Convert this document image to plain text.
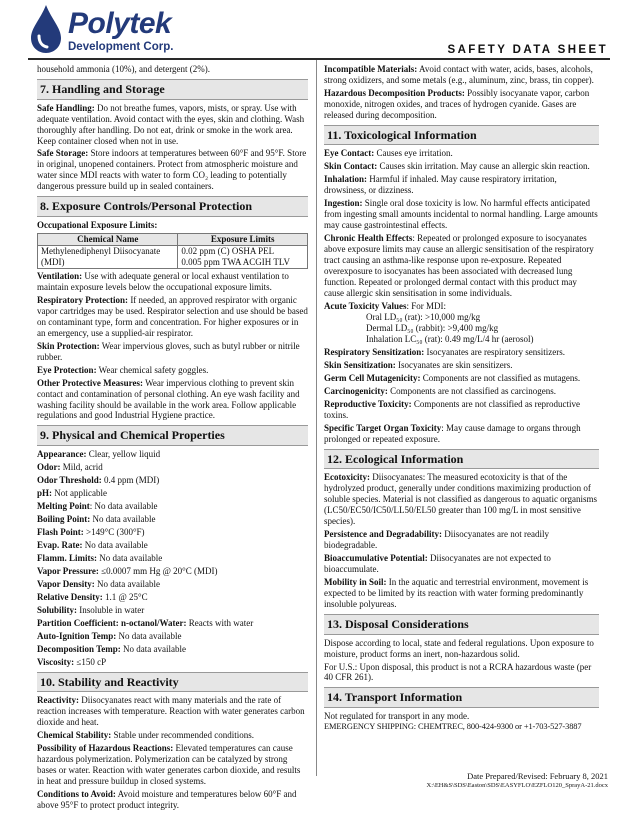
Polytek
Development Corp.	SAFETY DATA SHEET

household ammonia (10%), and detergent (2%).

7. Handling and Storage

Safe Handling: Do not breathe fumes, vapors, mists, or spray. Use with adequate ventilation. Avoid contact with the eyes, skin and clothing. Wash thoroughly after handling. Do not eat, drink or smoke in the work area. Keep container closed when not in use.

Safe Storage: Store indoors at temperatures between 60°F and 95°F. Store in original, unopened containers. Protect from atmospheric moisture and water since MDI reacts with water to form CO₂ leading to potentially dangerous pressure build up in sealed containers.

8. Exposure Controls/Personal Protection

Occupational Exposure Limits:

Chemical Name	Exposure Limits
Methylenediphenyl Diisocyanate
(MDI)	0.02 ppm (C) OSHA PEL
0.005 ppm TWA ACGIH TLV

Ventilation: Use with adequate general or local exhaust ventilation to maintain exposure levels below the occupational exposure limits.

Respiratory Protection: If needed, an approved respirator with organic vapor cartridges may be used. Respirator selection and use should be based on contaminant type, form and concentration. For higher exposures or in an emergency, use a supplied-air respirator.

Skin Protection: Wear impervious gloves, such as butyl rubber or nitrile rubber.

Eye Protection: Wear chemical safety goggles.

Other Protective Measures: Wear impervious clothing to prevent skin contact and contamination of personal clothing. An eye wash facility and washing facility should be available in the work area. Follow applicable regulations and good Industrial Hygiene practice.

9. Physical and Chemical Properties

Appearance: Clear, yellow liquid

Odor: Mild, acrid

Odor Threshold: 0.4 ppm (MDI)

pH: Not applicable

Melting Point: No data available

Boiling Point: No data available

Flash Point: >149°C (300°F)

Evap. Rate: No data available

Flamm. Limits: No data available

Vapor Pressure: ≤0.0007 mm Hg @ 20°C (MDI)

Vapor Density: No data available

Relative Density: 1.1 @ 25°C

Solubility: Insoluble in water

Partition Coefficient: n-octanol/Water: Reacts with water

Auto-Ignition Temp: No data available

Decomposition Temp: No data available

Viscosity: ≤150 cP

10. Stability and Reactivity

Reactivity: Diisocyanates react with many materials and the rate of reaction increases with temperature. Reaction with water generates carbon dioxide and heat.

Chemical Stability: Stable under recommended conditions.

Possibility of Hazardous Reactions: Elevated temperatures can cause hazardous polymerization. Polymerization can be catalyzed by strong bases or water. Reaction with water generates carbon dioxide, and results in heat and pressure buildup in closed systems.

Conditions to Avoid: Avoid moisture and temperatures below 60°F and above 95°F to protect product integrity.

Incompatible Materials: Avoid contact with water, acids, bases, alcohols, strong oxidizers, and some metals (e.g., aluminum, zinc, brass, tin copper).

Hazardous Decomposition Products: Possibly isocyanate vapor, carbon monoxide, nitrogen oxides, and traces of hydrogen cyanide. Gases are released during decomposition.

11. Toxicological Information

Eye Contact: Causes eye irritation.

Skin Contact: Causes skin irritation. May cause an allergic skin reaction.

Inhalation: Harmful if inhaled. May cause respiratory irritation, drowsiness, or dizziness.

Ingestion: Single oral dose toxicity is low. No harmful effects anticipated from ingesting small amounts incidental to normal handling. Large amounts may cause gastrointestinal effects.

Chronic Health Effects: Repeated or prolonged exposure to isocyanates above exposure limits may cause an allergic sensitisation of the respiratory tract causing an asthma-like response upon re-exposure. Repeated overexposure to isocyanates has been associated with decreased lung function. Repeated or prolonged dermal contact with this product may cause allergic skin sensitisation in some individuals.

Acute Toxicity Values: For MDI:

Oral LD₅₀ (rat): >10,000 mg/kg

Dermal LD₅₀ (rabbit): >9,400 mg/kg

Inhalation LC₅₀ (rat): 0.49 mg/L/4 hr (aerosol)

Respiratory Sensitization: Isocyanates are respiratory sensitizers.

Skin Sensitization: Isocyanates are skin sensitizers.

Germ Cell Mutagenicity: Components are not classified as mutagens.

Carcinogenicity: Components are not classified as carcinogens.

Reproductive Toxicity: Components are not classified as reproductive toxins.

Specific Target Organ Toxicity: May cause damage to organs through prolonged or repeated exposure.

12. Ecological Information

Ecotoxicity: Diisocyanates: The measured ecotoxicity is that of the hydrolyzed product, generally under conditions maximizing production of soluble species. Material is not classified as dangerous to aquatic organisms (LC50/EC50/IC50/LL50/EL50 greater than 100 mg/L in most sensitive species).

Persistence and Degradability: Diisocyanates are not readily biodegradable.

Bioaccumulative Potential: Diisocyanates are not expected to bioaccumulate.

Mobility in Soil: In the aquatic and terrestrial environment, movement is expected to be limited by its reaction with water forming predominantly insoluble polyureas.

13. Disposal Considerations

Dispose according to local, state and federal regulations. Upon exposure to moisture, product forms an inert, non-hazardous solid.

For U.S.: Upon disposal, this product is not a RCRA hazardous waste (per 40 CFR 261).

14. Transport Information

Not regulated for transport in any mode.

EMERGENCY SHIPPING: CHEMTREC, 800-424-9300 or +1-703-527-3887

Date Prepared/Revised: February 8, 2021
X:\EH&S\SDS\Easton\SDS\EASYFLO\EZFLO120_SprayA-21.docx
